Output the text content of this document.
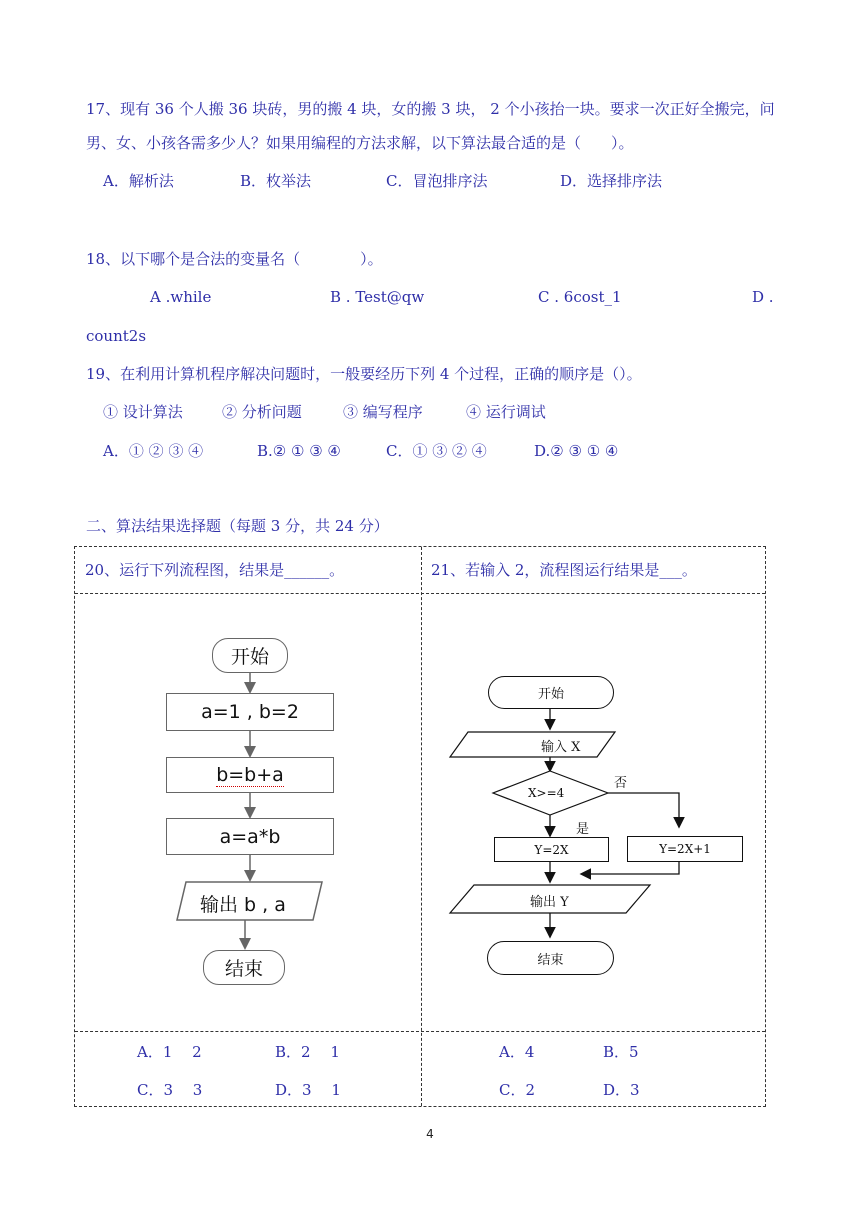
17、现有 36 个人搬 36 块砖，男的搬 4 块，女的搬 3 块， 2 个小孩抬一块。要求一次正好全搬完，问男、女、小孩各需多少人？如果用编程的方法求解，以下算法最合适的是（　　）。
A．解析法	B．枚举法	C．冒泡排序法	D．选择排序法
18、以下哪个是合法的变量名（　　　　）。
A .while	B . Test@qw	C . 6cost_1	D .
count2s
19、在利用计算机程序解决问题时，一般要经历下列 4 个过程，正确的顺序是（）。
① 设计算法	② 分析问题	③ 编写程序	④ 运行调试
A．① ② ③ ④	B.② ① ③ ④	C．① ③ ② ④	D.② ③ ① ④
二、算法结果选择题（每题 3 分，共 24 分）
20、运行下列流程图，结果是______。	21、若输入 2，流程图运行结果是___。
A．1　 2	B．2　 1
C．3　 3	D．3　 1
A．4	B．5
C．2	D．3
开始
a=1 , b=2
b=b+a
a=a*b
输出 b , a
结束
开始
输入 X
X>=4
否
是
Y=2X	Y=2X+1
输出 Y
结束
4
